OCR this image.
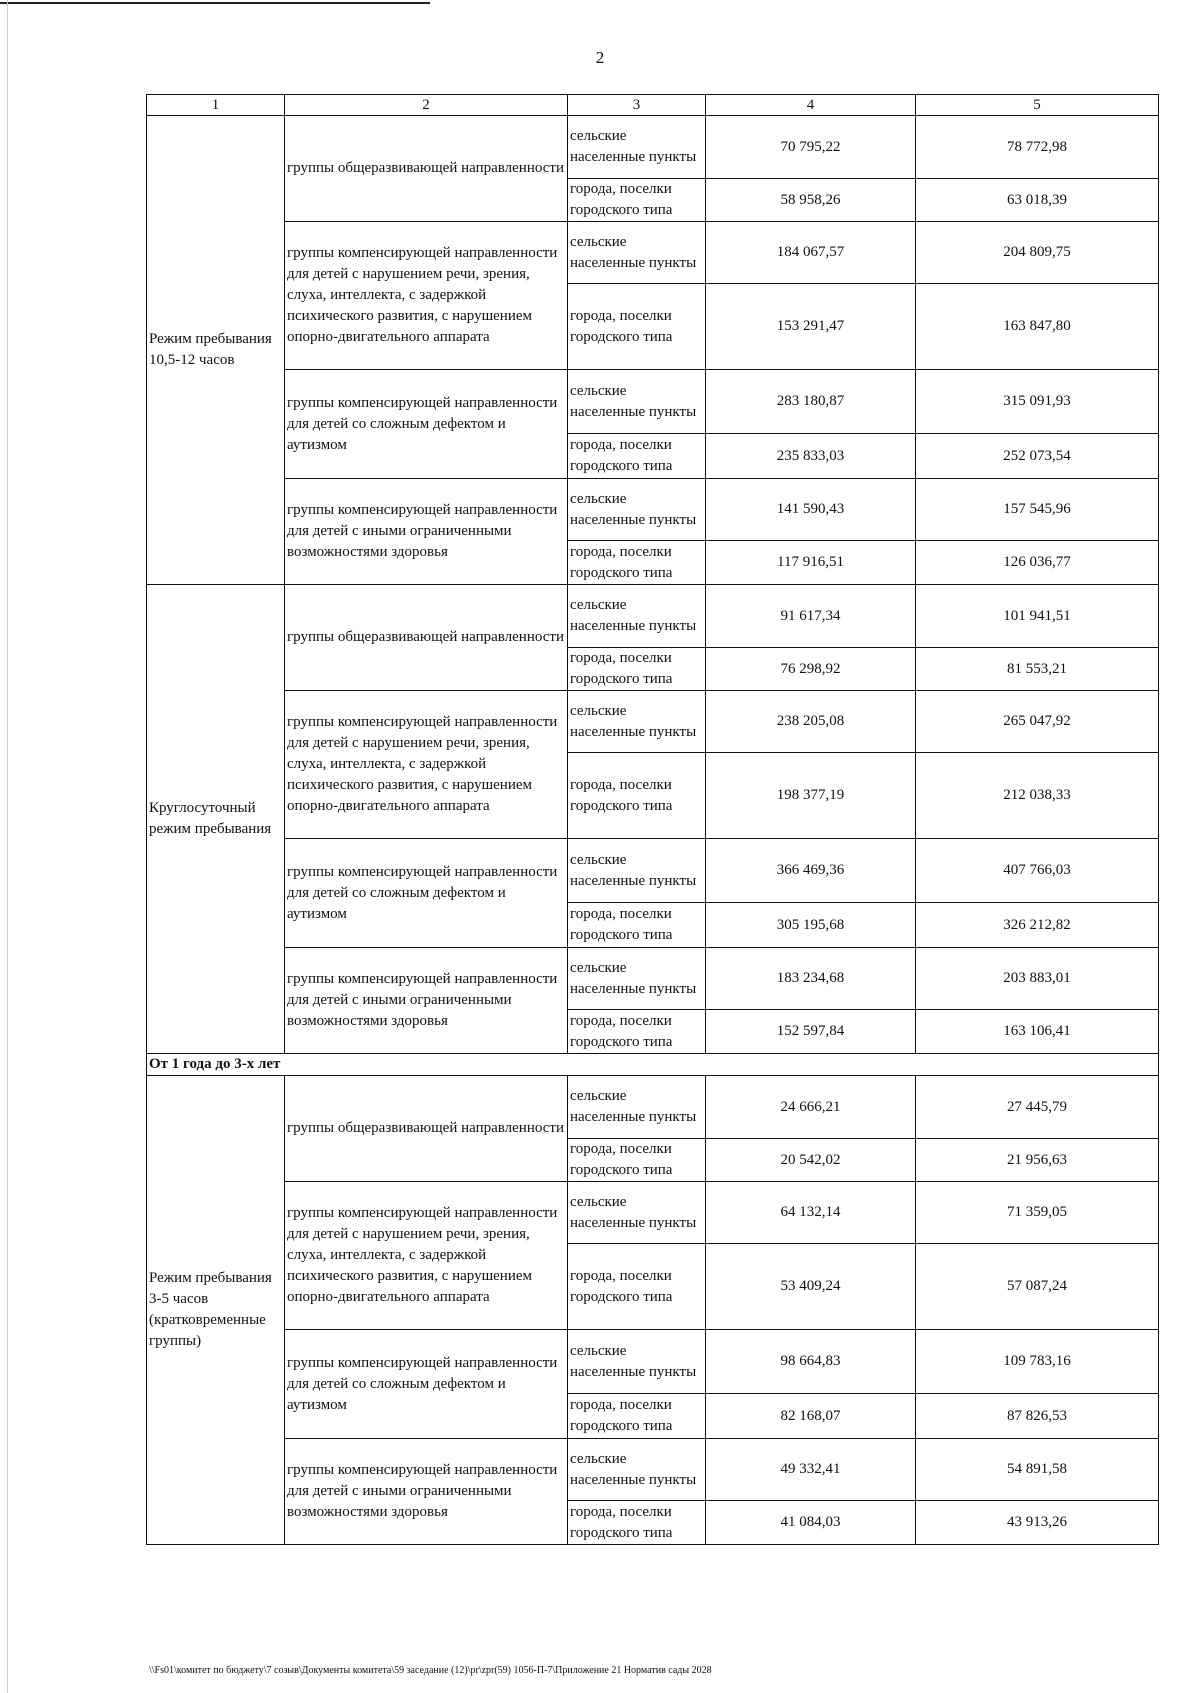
2
1	2	3	4	5
Режим пребывания 10,5-12 часов	группы общеразвивающей направленности	сельские населенные пункты	70 795,22	78 772,98
		города, поселки городского типа	58 958,26	63 018,39
	группы компенсирующей направленности для детей с нарушением речи, зрения, слуха, интеллекта, с задержкой психического развития, с нарушением опорно-двигательного аппарата	сельские населенные пункты	184 067,57	204 809,75
		города, поселки городского типа	153 291,47	163 847,80
	группы компенсирующей направленности для детей со сложным дефектом и аутизмом	сельские населенные пункты	283 180,87	315 091,93
		города, поселки городского типа	235 833,03	252 073,54
	группы компенсирующей направленности для детей с иными ограниченными возможностями здоровья	сельские населенные пункты	141 590,43	157 545,96
		города, поселки городского типа	117 916,51	126 036,77
Круглосуточный режим пребывания	группы общеразвивающей направленности	сельские населенные пункты	91 617,34	101 941,51
		города, поселки городского типа	76 298,92	81 553,21
	группы компенсирующей направленности для детей с нарушением речи, зрения, слуха, интеллекта, с задержкой психического развития, с нарушением опорно-двигательного аппарата	сельские населенные пункты	238 205,08	265 047,92
		города, поселки городского типа	198 377,19	212 038,33
	группы компенсирующей направленности для детей со сложным дефектом и аутизмом	сельские населенные пункты	366 469,36	407 766,03
		города, поселки городского типа	305 195,68	326 212,82
	группы компенсирующей направленности для детей с иными ограниченными возможностями здоровья	сельские населенные пункты	183 234,68	203 883,01
		города, поселки городского типа	152 597,84	163 106,41
От 1 года до 3-х лет				
Режим пребывания 3-5 часов (кратковременные группы)	группы общеразвивающей направленности	сельские населенные пункты	24 666,21	27 445,79
		города, поселки городского типа	20 542,02	21 956,63
	группы компенсирующей направленности для детей с нарушением речи, зрения, слуха, интеллекта, с задержкой психического развития, с нарушением опорно-двигательного аппарата	сельские населенные пункты	64 132,14	71 359,05
		города, поселки городского типа	53 409,24	57 087,24
	группы компенсирующей направленности для детей со сложным дефектом и аутизмом	сельские населенные пункты	98 664,83	109 783,16
		города, поселки городского типа	82 168,07	87 826,53
	группы компенсирующей направленности для детей с иными ограниченными возможностями здоровья	сельские населенные пункты	49 332,41	54 891,58
		города, поселки городского типа	41 084,03	43 913,26
\\Fs01\комитет по бюджету\7 созыв\Документы комитета\59 заседание (12)\pr\zpr(59) 1056-П-7\Приложение 21 Норматив сады 2028
